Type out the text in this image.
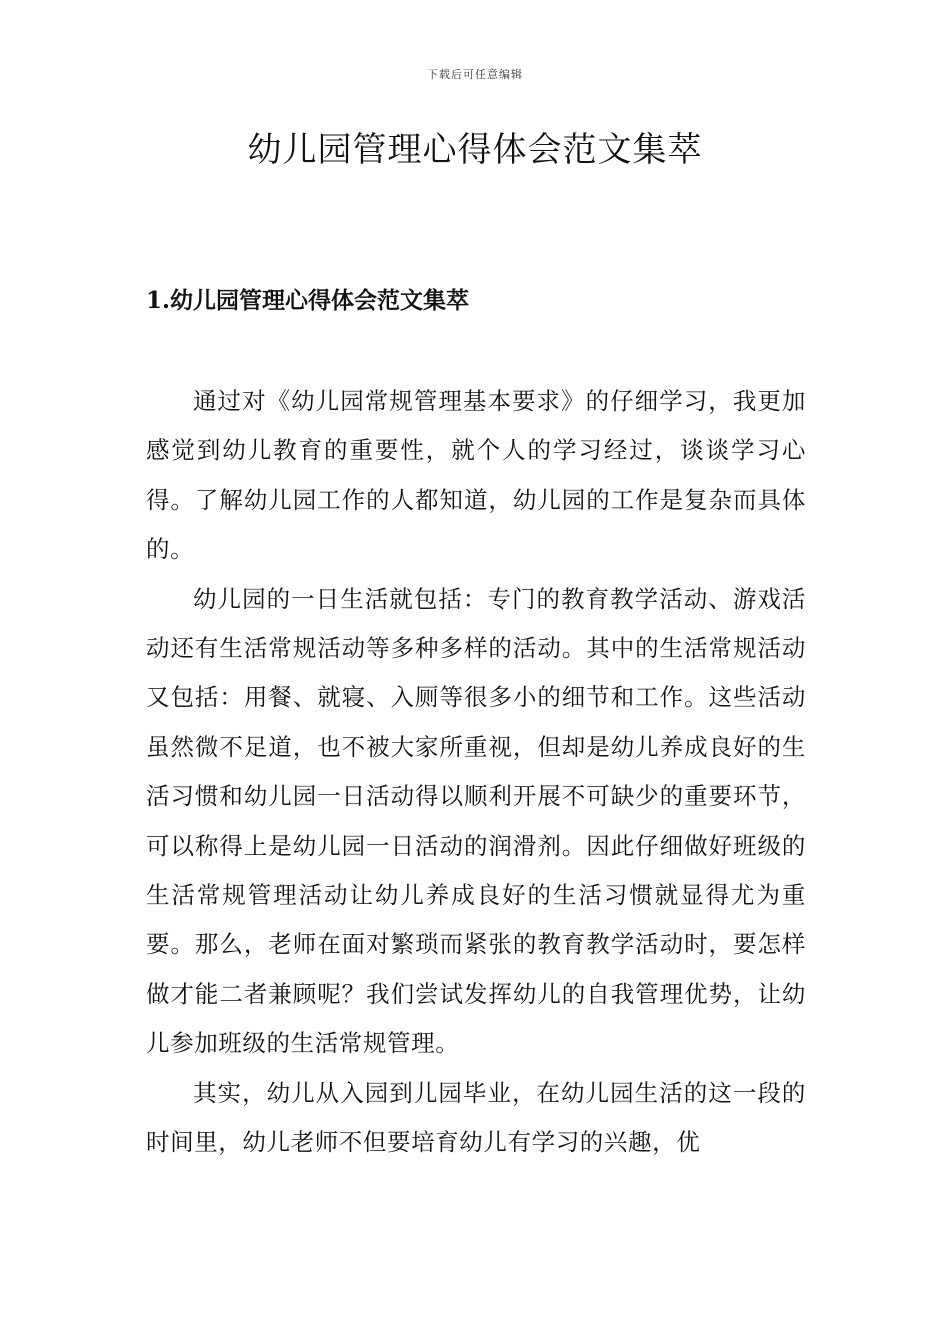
下载后可任意编辑
幼儿园管理心得体会范文集萃
1.幼儿园管理心得体会范文集萃

通过对《幼儿园常规管理基本要求》的仔细学习，我更加感觉到幼儿教育的重要性，就个人的学习经过，谈谈学习心得。了解幼儿园工作的人都知道，幼儿园的工作是复杂而具体的。

幼儿园的一日生活就包括：专门的教育教学活动、游戏活动还有生活常规活动等多种多样的活动。其中的生活常规活动又包括：用餐、就寝、入厕等很多小的细节和工作。这些活动虽然微不足道，也不被大家所重视，但却是幼儿养成良好的生活习惯和幼儿园一日活动得以顺利开展不可缺少的重要环节，可以称得上是幼儿园一日活动的润滑剂。因此仔细做好班级的生活常规管理活动让幼儿养成良好的生活习惯就显得尤为重要。那么，老师在面对繁琐而紧张的教育教学活动时，要怎样做才能二者兼顾呢？我们尝试发挥幼儿的自我管理优势，让幼儿参加班级的生活常规管理。

其实，幼儿从入园到儿园毕业，在幼儿园生活的这一段的时间里，幼儿老师不但要培育幼儿有学习的兴趣，优
